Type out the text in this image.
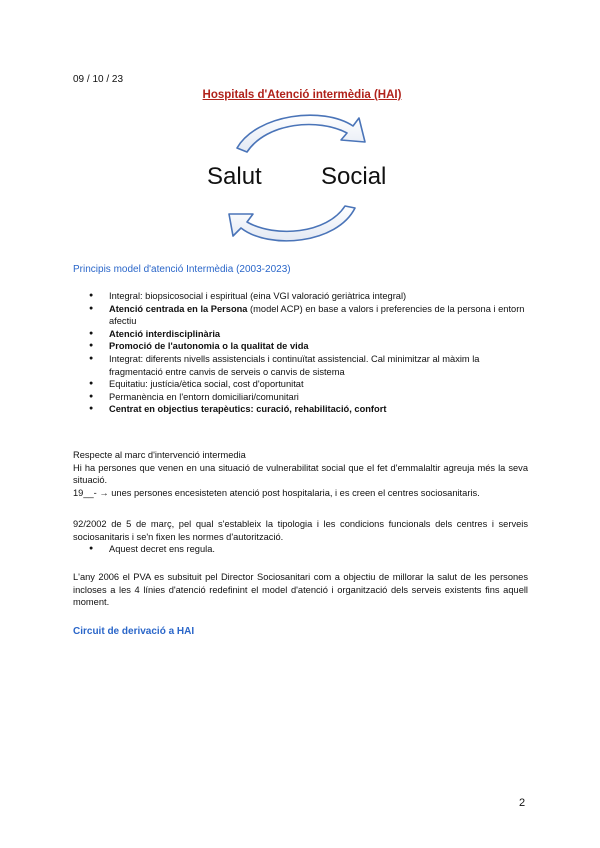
09 / 10 / 23
Hospitals d'Atenció intermèdia (HAI)
Salut Social
Principis model d'atenció Intermèdia (2003-2023)
● Integral: biopsicosocial i espiritual (eina VGI valoració geriàtrica integral)
● Atenció centrada en la Persona (model ACP) en base a valors i preferencies de la persona i entorn afectiu
● Atenció interdisciplinària
● Promoció de l'autonomia o la qualitat de vida
● Integrat: diferents nivells assistencials i continuïtat assistencial. Cal minimitzar al màxim la fragmentació entre canvis de serveis o canvis de sistema
● Equitatiu: justícia/ètica social, cost d'oportunitat
● Permanència en l'entorn domiciliari/comunitari
● Centrat en objectius terapèutics: curació, rehabilitació, confort

Respecte al marc d'intervenció intermedia

Hi ha persones que venen en una situació de vulnerabilitat social que el fet d'emmalaltir agreuja més la seva situació.

19__- → unes persones encesisteten atenció post hospitalaria, i es creen el centres sociosanitaris.

92/2002 de 5 de març, pel qual s'estableix la tipologia i les condicions funcionals dels centres i serveis sociosanitaris i se'n fixen les normes d'autorització.

● Aquest decret ens regula.

L'any 2006 el PVA es subsituit pel Director Sociosanitari com a objectiu de millorar la salut de les persones incloses a les 4 línies d'atenció redefinint el model d'atenció i organització dels serveis existents fins aquell moment.

Circuit de derivació a HAI
2
